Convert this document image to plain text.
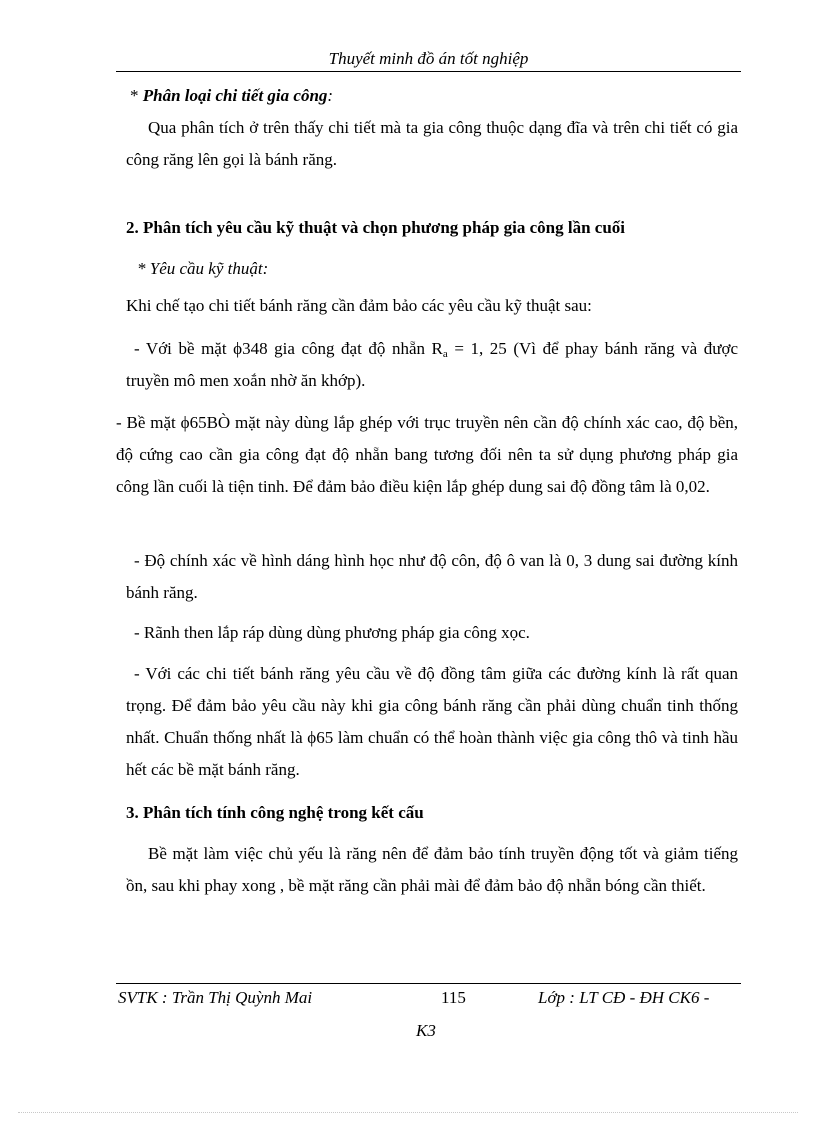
Thuyết minh đồ án tốt nghiệp

* Phân loại chi tiết gia công:

Qua phân tích ở trên thấy chi tiết mà ta gia công thuộc dạng đĩa và trên chi tiết có gia công răng lên gọi là bánh răng.

2. Phân tích yêu cầu kỹ thuật và chọn phương pháp gia công lần cuối

* Yêu cầu kỹ thuật:

Khi chế tạo chi tiết bánh răng cần đảm bảo các yêu cầu kỹ thuật sau:

- Với bề mặt ϕ348 gia công đạt độ nhẵn $R_a = 1$, 25 (Vì để phay bánh răng và được truyền mô men xoắn nhờ ăn khớp).

- Bề mặt ϕ65BÒ mặt này dùng lắp ghép với trục truyền nên cần độ chính xác cao, độ bền, độ cứng cao cần gia công đạt độ nhẵn bang tương đối nên ta sử dụng phương pháp gia công lần cuối là tiện tinh. Để đảm bảo điều kiện lắp ghép dung sai độ đồng tâm là 0,02.

- Độ chính xác về hình dáng hình học như độ côn, độ ô van là 0, 3 dung sai đường kính bánh răng.

- Rãnh then lắp ráp dùng dùng phương pháp gia công xọc.

- Với các chi tiết bánh răng yêu cầu về độ đồng tâm giữa các đường kính là rất quan trọng. Để đảm bảo yêu cầu này khi gia công bánh răng cần phải dùng chuẩn tinh thống nhất. Chuẩn thống nhất là ϕ65 làm chuẩn có thể hoàn thành việc gia công thô và tinh hầu hết các bề mặt bánh răng.

3. Phân tích tính công nghệ trong kết cấu

Bề mặt làm việc chủ yếu là răng nên để đảm bảo tính truyền động tốt và giảm tiếng ồn, sau khi phay xong , bề mặt răng cần phải mài để đảm bảo độ nhẵn bóng cần thiết.

SVTK : Trần Thị Quỳnh Mai	115	Lớp : LT CĐ - ĐH CK6 -
K3
